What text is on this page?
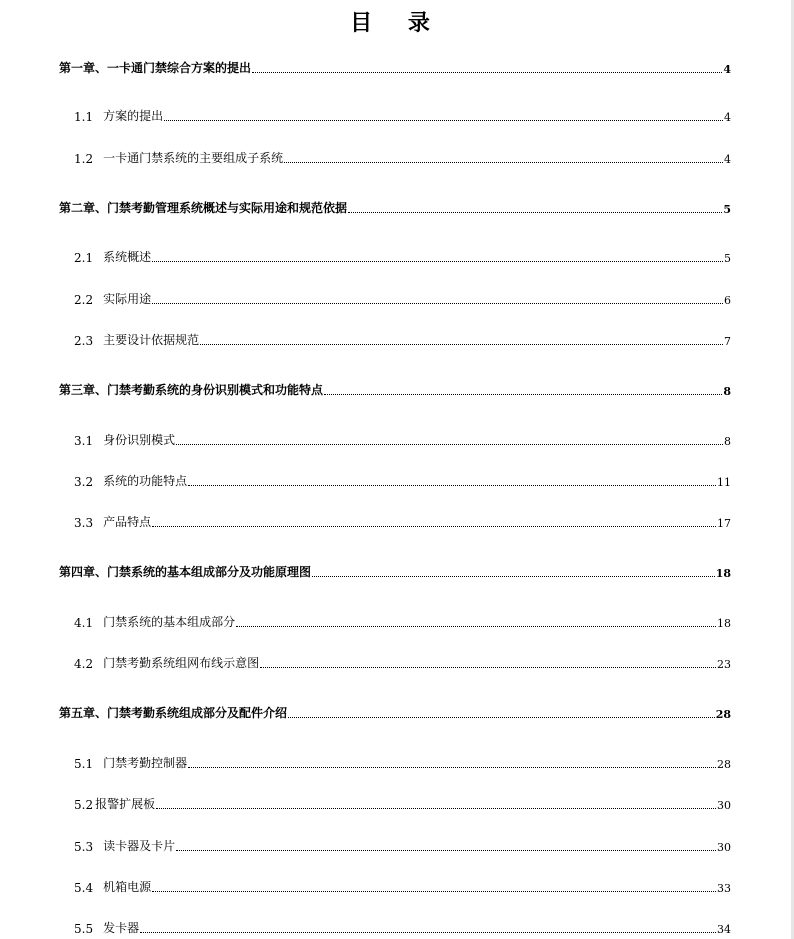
目 录
第一章、一卡通门禁综合方案的提出	4
1.1 方案的提出	4
1.2 一卡通门禁系统的主要组成子系统	4
第二章、门禁考勤管理系统概述与实际用途和规范依据	5
2.1 系统概述	5
2.2 实际用途	6
2.3 主要设计依据规范	7
第三章、门禁考勤系统的身份识别模式和功能特点	8
3.1 身份识别模式	8
3.2 系统的功能特点	11
3.3 产品特点	17
第四章、门禁系统的基本组成部分及功能原理图	18
4.1 门禁系统的基本组成部分	18
4.2 门禁考勤系统组网布线示意图	23
第五章、门禁考勤系统组成部分及配件介绍	28
5.1 门禁考勤控制器	28
5.2 报警扩展板	30
5.3 读卡器及卡片	30
5.4 机箱电源	33
5.5 发卡器	34
